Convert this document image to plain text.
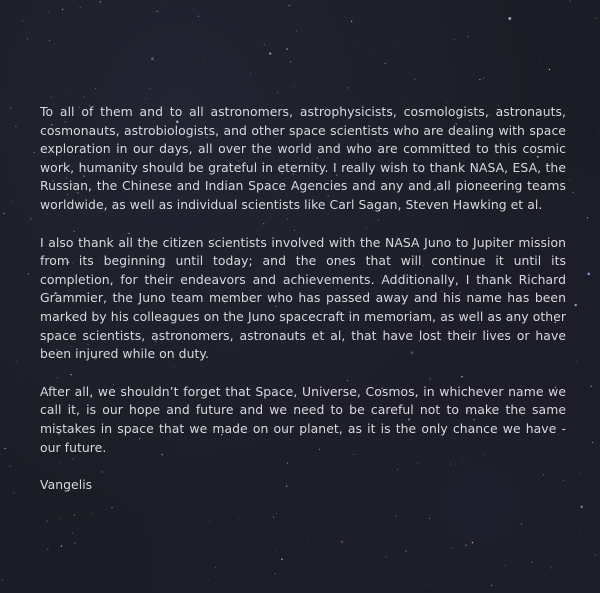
To all of them and to all astronomers, astrophysicists, cosmologists, astronauts, cosmonauts, astrobiologists, and other space scientists who are dealing with space exploration in our days, all over the world and who are committed to this cosmic work, humanity should be grateful in eternity. I really wish to thank NASA, ESA, the Russian, the Chinese and Indian Space Agencies and any and all pioneering teams worldwide, as well as individual scientists like Carl Sagan, Steven Hawking et al.

I also thank all the citizen scientists involved with the NASA Juno to Jupiter mission from its beginning until today; and the ones that will continue it until its completion, for their endeavors and achievements. Additionally, I thank Richard Grammier, the Juno team member who has passed away and his name has been marked by his colleagues on the Juno spacecraft in memoriam, as well as any other space scientists, astronomers, astronauts et al, that have lost their lives or have been injured while on duty.

After all, we shouldn’t forget that Space, Universe, Cosmos, in whichever name we call it, is our hope and future and we need to be careful not to make the same mistakes in space that we made on our planet, as it is the only chance we have - our future.

Vangelis
